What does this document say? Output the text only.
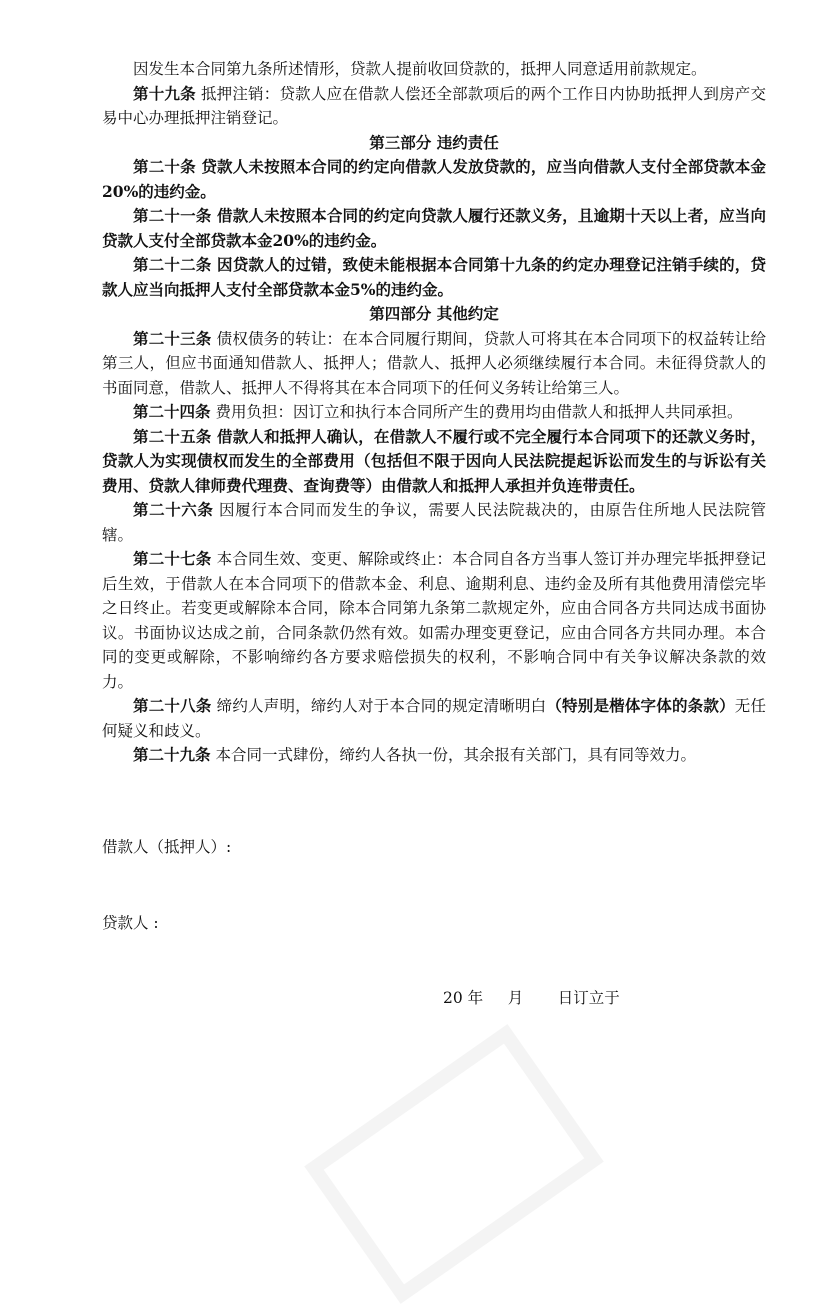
因发生本合同第九条所述情形，贷款人提前收回贷款的，抵押人同意适用前款规定。

第十九条 抵押注销：贷款人应在借款人偿还全部款项后的两个工作日内协助抵押人到房产交易中心办理抵押注销登记。

第三部分 违约责任

第二十条 贷款人未按照本合同的约定向借款人发放贷款的，应当向借款人支付全部贷款本金20%的违约金。

第二十一条 借款人未按照本合同的约定向贷款人履行还款义务，且逾期十天以上者，应当向贷款人支付全部贷款本金20%的违约金。

第二十二条 因贷款人的过错，致使未能根据本合同第十九条的约定办理登记注销手续的，贷款人应当向抵押人支付全部贷款本金5%的违约金。

第四部分 其他约定

第二十三条 债权债务的转让：在本合同履行期间，贷款人可将其在本合同项下的权益转让给第三人，但应书面通知借款人、抵押人；借款人、抵押人必须继续履行本合同。未征得贷款人的书面同意，借款人、抵押人不得将其在本合同项下的任何义务转让给第三人。

第二十四条 费用负担：因订立和执行本合同所产生的费用均由借款人和抵押人共同承担。

第二十五条 借款人和抵押人确认，在借款人不履行或不完全履行本合同项下的还款义务时，贷款人为实现债权而发生的全部费用（包括但不限于因向人民法院提起诉讼而发生的与诉讼有关费用、贷款人律师费代理费、查询费等）由借款人和抵押人承担并负连带责任。

第二十六条 因履行本合同而发生的争议，需要人民法院裁决的，由原告住所地人民法院管辖。

第二十七条 本合同生效、变更、解除或终止：本合同自各方当事人签订并办理完毕抵押登记后生效，于借款人在本合同项下的借款本金、利息、逾期利息、违约金及所有其他费用清偿完毕之日终止。若变更或解除本合同，除本合同第九条第二款规定外，应由合同各方共同达成书面协议。书面协议达成之前，合同条款仍然有效。如需办理变更登记，应由合同各方共同办理。本合同的变更或解除，不影响缔约各方要求赔偿损失的权利，不影响合同中有关争议解决条款的效力。

第二十八条 缔约人声明，缔约人对于本合同的规定清晰明白（特别是楷体字体的条款）无任何疑义和歧义。

第二十九条 本合同一式肆份，缔约人各执一份，其余报有关部门，具有同等效力。

借款人（抵押人）:
贷款人 :
20 年     月       日订立于
